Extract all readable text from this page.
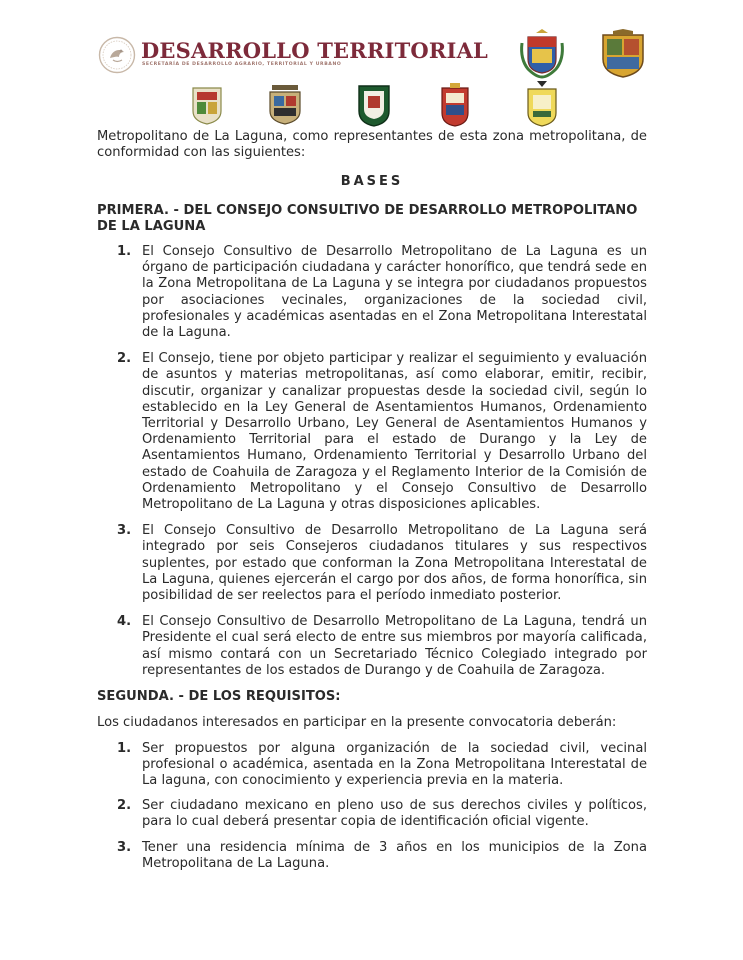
DESARROLLO TERRITORIAL
SECRETARÍA DE DESARROLLO AGRARIO, TERRITORIAL Y URBANO

Metropolitano de La Laguna, como representantes de esta zona metropolitana, de conformidad con las siguientes:

BASES
PRIMERA. - DEL CONSEJO CONSULTIVO DE DESARROLLO METROPOLITANO DE LA LAGUNA
1. El Consejo Consultivo de Desarrollo Metropolitano de La Laguna es un órgano de participación ciudadana y carácter honorífico, que tendrá sede en la Zona Metropolitana de La Laguna y se integra por ciudadanos propuestos por asociaciones vecinales, organizaciones de la sociedad civil, profesionales y académicas asentadas en el Zona Metropolitana Interestatal de la Laguna.

2. El Consejo, tiene por objeto participar y realizar el seguimiento y evaluación de asuntos y materias metropolitanas, así como elaborar, emitir, recibir, discutir, organizar y canalizar propuestas desde la sociedad civil, según lo establecido en la Ley General de Asentamientos Humanos, Ordenamiento Territorial y Desarrollo Urbano, Ley General de Asentamientos Humanos y Ordenamiento Territorial para el estado de Durango y la Ley de Asentamientos Humano, Ordenamiento Territorial y Desarrollo Urbano del estado de Coahuila de Zaragoza y el Reglamento Interior de la Comisión de Ordenamiento Metropolitano y el Consejo Consultivo de Desarrollo Metropolitano de La Laguna y otras disposiciones aplicables.

3. El Consejo Consultivo de Desarrollo Metropolitano de La Laguna será integrado por seis Consejeros ciudadanos titulares y sus respectivos suplentes, por estado que conforman la Zona Metropolitana Interestatal de La Laguna, quienes ejercerán el cargo por dos años, de forma honorífica, sin posibilidad de ser reelectos para el período inmediato posterior.

4. El Consejo Consultivo de Desarrollo Metropolitano de La Laguna, tendrá un Presidente el cual será electo de entre sus miembros por mayoría calificada, así mismo contará con un Secretariado Técnico Colegiado integrado por representantes de los estados de Durango y de Coahuila de Zaragoza.

SEGUNDA. - DE LOS REQUISITOS:

Los ciudadanos interesados en participar en la presente convocatoria deberán:

1. Ser propuestos por alguna organización de la sociedad civil, vecinal profesional o académica, asentada en la Zona Metropolitana Interestatal de La laguna, con conocimiento y experiencia previa en la materia.

2. Ser ciudadano mexicano en pleno uso de sus derechos civiles y políticos, para lo cual deberá presentar copia de identificación oficial vigente.

3. Tener una residencia mínima de 3 años en los municipios de la Zona Metropolitana de La Laguna.
